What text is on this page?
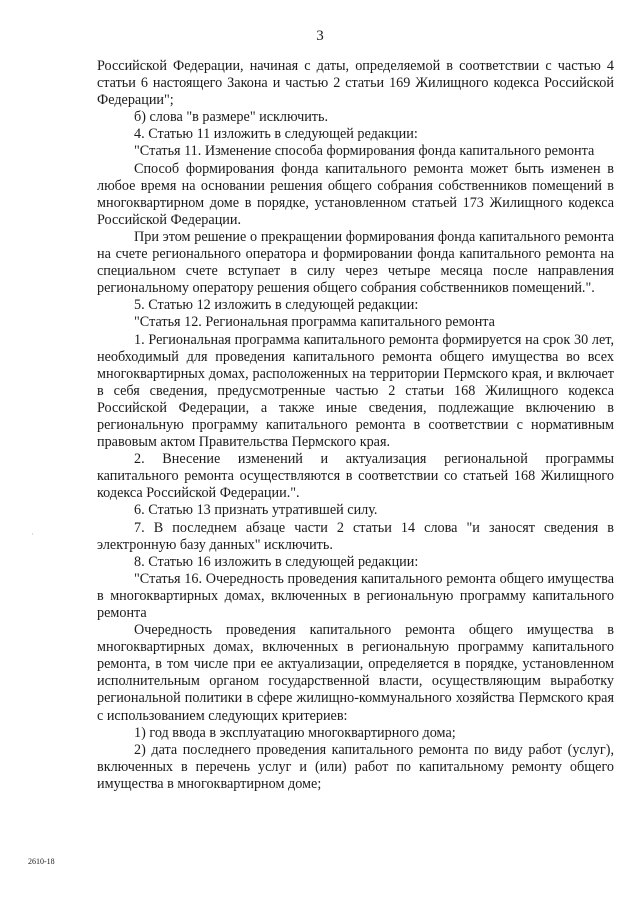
3

Российской Федерации, начиная с даты, определяемой в соответствии с частью 4 статьи 6 настоящего Закона и частью 2 статьи 169 Жилищного кодекса Российской Федерации";

б) слова "в размере" исключить.

4. Статью 11 изложить в следующей редакции:

"Статья 11. Изменение способа формирования фонда капитального ремонта

Способ формирования фонда капитального ремонта может быть изменен в любое время на основании решения общего собрания собственников помещений в многоквартирном доме в порядке, установленном статьей 173 Жилищного кодекса Российской Федерации.

При этом решение о прекращении формирования фонда капитального ремонта на счете регионального оператора и формировании фонда капитального ремонта на специальном счете вступает в силу через четыре месяца после направления региональному оператору решения общего собрания собственников помещений.".

5. Статью 12 изложить в следующей редакции:

"Статья 12. Региональная программа капитального ремонта

1. Региональная программа капитального ремонта формируется на срок 30 лет, необходимый для проведения капитального ремонта общего имущества во всех многоквартирных домах, расположенных на территории Пермского края, и включает в себя сведения, предусмотренные частью 2 статьи 168 Жилищного кодекса Российской Федерации, а также иные сведения, подлежащие включению в региональную программу капитального ремонта в соответствии с нормативным правовым актом Правительства Пермского края.

2. Внесение изменений и актуализация региональной программы капитального ремонта осуществляются в соответствии со статьей 168 Жилищного кодекса Российской Федерации.".

6. Статью 13 признать утратившей силу.

7. В последнем абзаце части 2 статьи 14 слова "и заносят сведения в электронную базу данных" исключить.

8. Статью 16 изложить в следующей редакции:

"Статья 16. Очередность проведения капитального ремонта общего имущества в многоквартирных домах, включенных в региональную программу капитального ремонта

Очередность проведения капитального ремонта общего имущества в многоквартирных домах, включенных в региональную программу капитального ремонта, в том числе при ее актуализации, определяется в порядке, установленном исполнительным органом государственной власти, осуществляющим выработку региональной политики в сфере жилищно-коммунального хозяйства Пермского края с использованием следующих критериев:

1) год ввода в эксплуатацию многоквартирного дома;

2) дата последнего проведения капитального ремонта по виду работ (услуг), включенных в перечень услуг и (или) работ по капитальному ремонту общего имущества в многоквартирном доме;

·
2610-18
